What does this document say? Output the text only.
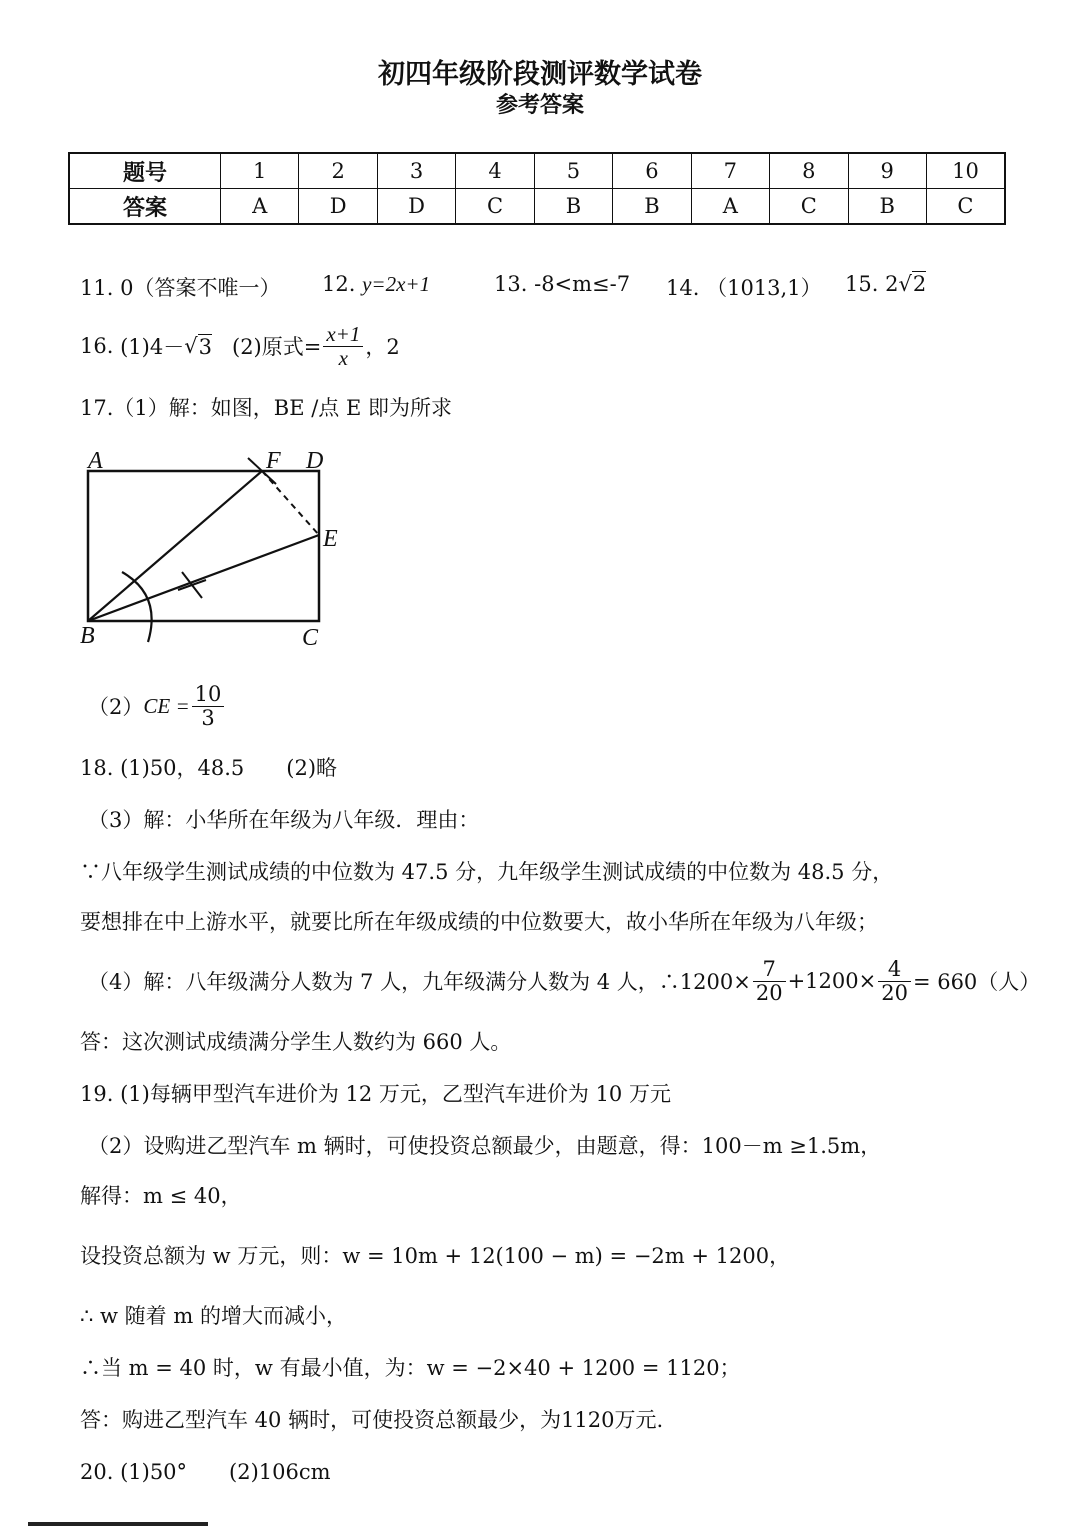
初四年级阶段测评数学试卷
参考答案
题号	1	2	3	4	5	6	7	8	9	10
答案	A	D	D	C	B	B	A	C	B	C
11. 0（答案不唯一） 12. y=2x+1	13. -8<m≤-7 14. （1013,1） 15. 2√2
16.
(1)4－ √ 3
(2)原式= $\frac{x+1}{x}$ ，2
17.（1）解：如图，BE /点 E 即为所求
A	F D
E
B	C
（2） CE = $\frac{10}{3}$
18. (1)50，48.5　　(2)略
（3）解：小华所在年级为八年级．理由：
∵八年级学生测试成绩的中位数为 47.5 分，九年级学生测试成绩的中位数为 48.5 分，
要想排在中上游水平，就要比所在年级成绩的中位数要大，故小华所在年级为八年级；
（4）解：八年级满分人数为 7 人，九年级满分人数为 4 人，∴1200× $\frac{7}{20} +1200\times \frac{4}{20} = 660$（人）
答：这次测试成绩满分学生人数约为 660 人。
19. (1)每辆甲型汽车进价为 12 万元，乙型汽车进价为 10 万元
（2）设购进乙型汽车 m 辆时，可使投资总额最少，由题意，得：100－m ≥1.5m，
解得：m ≤ 40，
设投资总额为 w 万元，则：w = 10m + 12(100 − m) = −2m + 1200，
∴ w 随着 m 的增大而减小，
∴当 m = 40 时，w 有最小值，为：w = −2×40 + 1200 = 1120；
答：购进乙型汽车 40 辆时，可使投资总额最少，为1120万元.
20. (1)50°　　(2)106cm
